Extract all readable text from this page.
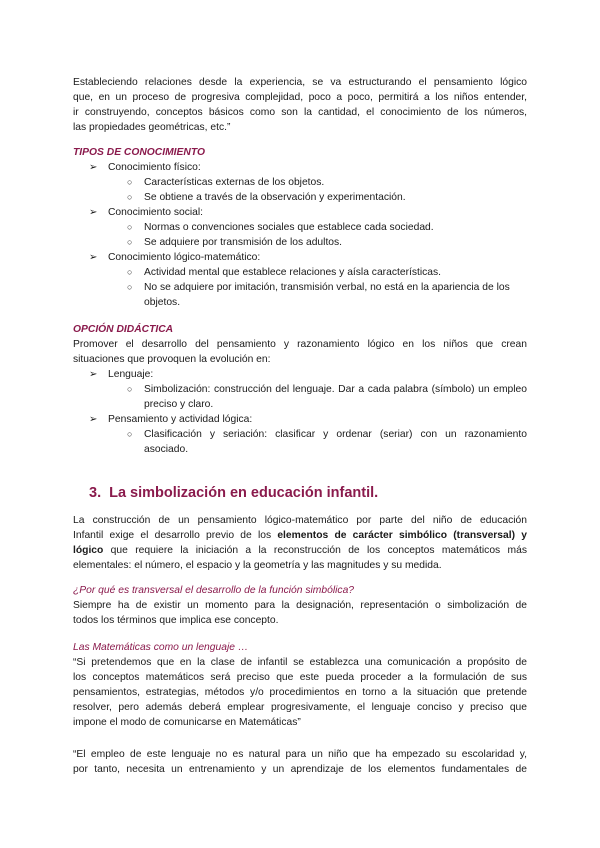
Estableciendo relaciones desde la experiencia, se va estructurando el pensamiento lógico
que, en un proceso de progresiva complejidad, poco a poco, permitirá a los niños entender,
ir construyendo, conceptos básicos como son la cantidad, el conocimiento de los números,
las propiedades geométricas, etc.”
TIPOS DE CONOCIMIENTO
➢ Conocimiento físico:
○ Características externas de los objetos.
○ Se obtiene a través de la observación y experimentación.
➢ Conocimiento social:
○ Normas o convenciones sociales que establece cada sociedad.
○ Se adquiere por transmisión de los adultos.
➢ Conocimiento lógico-matemático:
○ Actividad mental que establece relaciones y aísla características.
○ No se adquiere por imitación, transmisión verbal, no está en la apariencia de los objetos.
OPCIÓN DIDÁCTICA
Promover el desarrollo del pensamiento y razonamiento lógico en los niños que crean
situaciones que provoquen la evolución en:
➢ Lenguaje:
○ Simbolización: construcción del lenguaje. Dar a cada palabra (símbolo) un empleo preciso y claro.
➢ Pensamiento y actividad lógica:
○ Clasificación y seriación: clasificar y ordenar (seriar) con un razonamiento asociado.
3. La simbolización en educación infantil.
La construcción de un pensamiento lógico-matemático por parte del niño de educación
Infantil exige el desarrollo previo de los elementos de carácter simbólico (transversal) y
lógico que requiere la iniciación a la reconstrucción de los conceptos matemáticos más
elementales: el número, el espacio y la geometría y las magnitudes y su medida.
¿Por qué es transversal el desarrollo de la función simbólica?
Siempre ha de existir un momento para la designación, representación o simbolización de
todos los términos que implica ese concepto.
Las Matemáticas como un lenguaje …
“Si pretendemos que en la clase de infantil se establezca una comunicación a propósito de
los conceptos matemáticos será preciso que este pueda proceder a la formulación de sus
pensamientos, estrategias, métodos y/o procedimientos en torno a la situación que pretende
resolver, pero además deberá emplear progresivamente, el lenguaje conciso y preciso que
impone el modo de comunicarse en Matemáticas”
“El empleo de este lenguaje no es natural para un niño que ha empezado su escolaridad y,
por tanto, necesita un entrenamiento y un aprendizaje de los elementos fundamentales de
